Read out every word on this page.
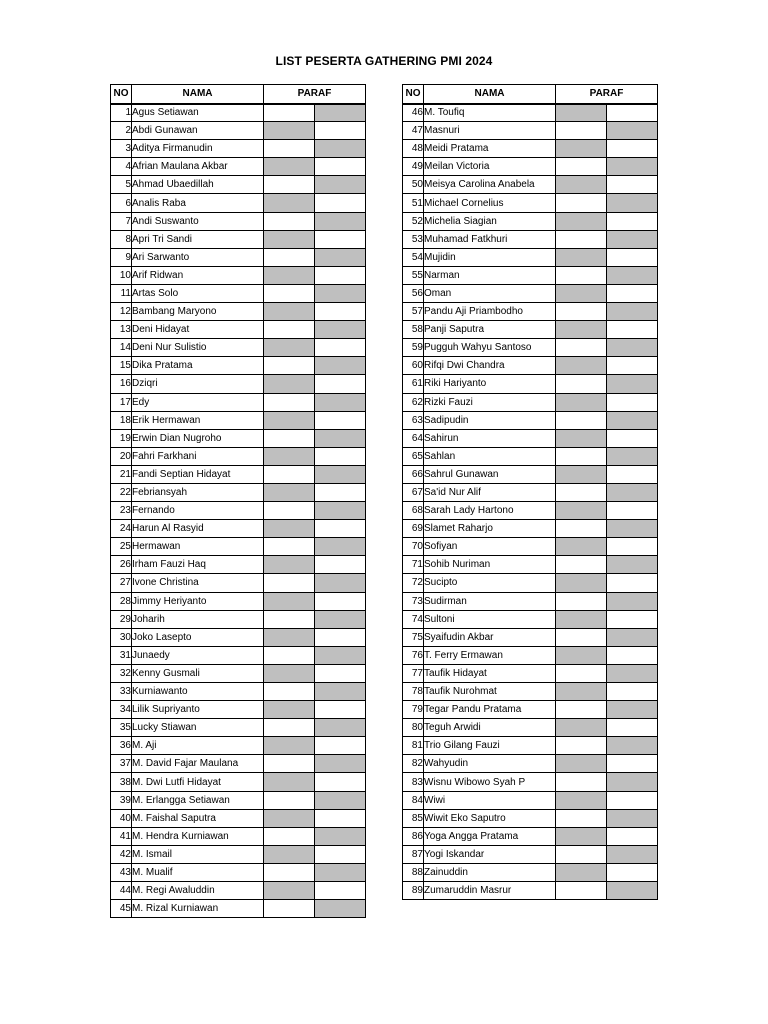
LIST PESERTA GATHERING PMI 2024
NO	NAMA	PARAF	
1	Agus Setiawan		
2	Abdi Gunawan		
3	Aditya Firmanudin		
4	Afrian Maulana Akbar		
5	Ahmad Ubaedillah		
6	Analis Raba		
7	Andi Suswanto		
8	Apri Tri Sandi		
9	Ari Sarwanto		
10	Arif Ridwan		
11	Artas Solo		
12	Bambang Maryono		
13	Deni Hidayat		
14	Deni Nur Sulistio		
15	Dika Pratama		
16	Dziqri		
17	Edy		
18	Erik Hermawan		
19	Erwin Dian Nugroho		
20	Fahri Farkhani		
21	Fandi Septian Hidayat		
22	Febriansyah		
23	Fernando		
24	Harun Al Rasyid		
25	Hermawan		
26	Irham Fauzi Haq		
27	Ivone Christina		
28	Jimmy Heriyanto		
29	Joharih		
30	Joko Lasepto		
31	Junaedy		
32	Kenny Gusmali		
33	Kurniawanto		
34	Lilik Supriyanto		
35	Lucky Stiawan		
36	M. Aji		
37	M. David Fajar Maulana		
38	M. Dwi Lutfi Hidayat		
39	M. Erlangga Setiawan		
40	M. Faishal Saputra		
41	M. Hendra Kurniawan		
42	M. Ismail		
43	M. Mualif		
44	M. Regi Awaluddin		
45	M. Rizal Kurniawan		
NO	NAMA	PARAF	
46	M. Toufiq		
47	Masnuri		
48	Meidi Pratama		
49	Meilan Victoria		
50	Meisya Carolina Anabela		
51	Michael Cornelius		
52	Michelia Siagian		
53	Muhamad Fatkhuri		
54	Mujidin		
55	Narman		
56	Oman		
57	Pandu Aji Priambodho		
58	Panji Saputra		
59	Pugguh Wahyu Santoso		
60	Rifqi Dwi Chandra		
61	Riki Hariyanto		
62	Rizki Fauzi		
63	Sadipudin		
64	Sahirun		
65	Sahlan		
66	Sahrul Gunawan		
67	Sa'id Nur Alif		
68	Sarah Lady Hartono		
69	Slamet Raharjo		
70	Sofiyan		
71	Sohib Nuriman		
72	Sucipto		
73	Sudirman		
74	Sultoni		
75	Syaifudin Akbar		
76	T. Ferry Ermawan		
77	Taufik Hidayat		
78	Taufik Nurohmat		
79	Tegar Pandu Pratama		
80	Teguh Arwidi		
81	Trio Gilang Fauzi		
82	Wahyudin		
83	Wisnu Wibowo Syah P		
84	Wiwi		
85	Wiwit Eko Saputro		
86	Yoga Angga Pratama		
87	Yogi Iskandar		
88	Zainuddin		
89	Zumaruddin Masrur		
